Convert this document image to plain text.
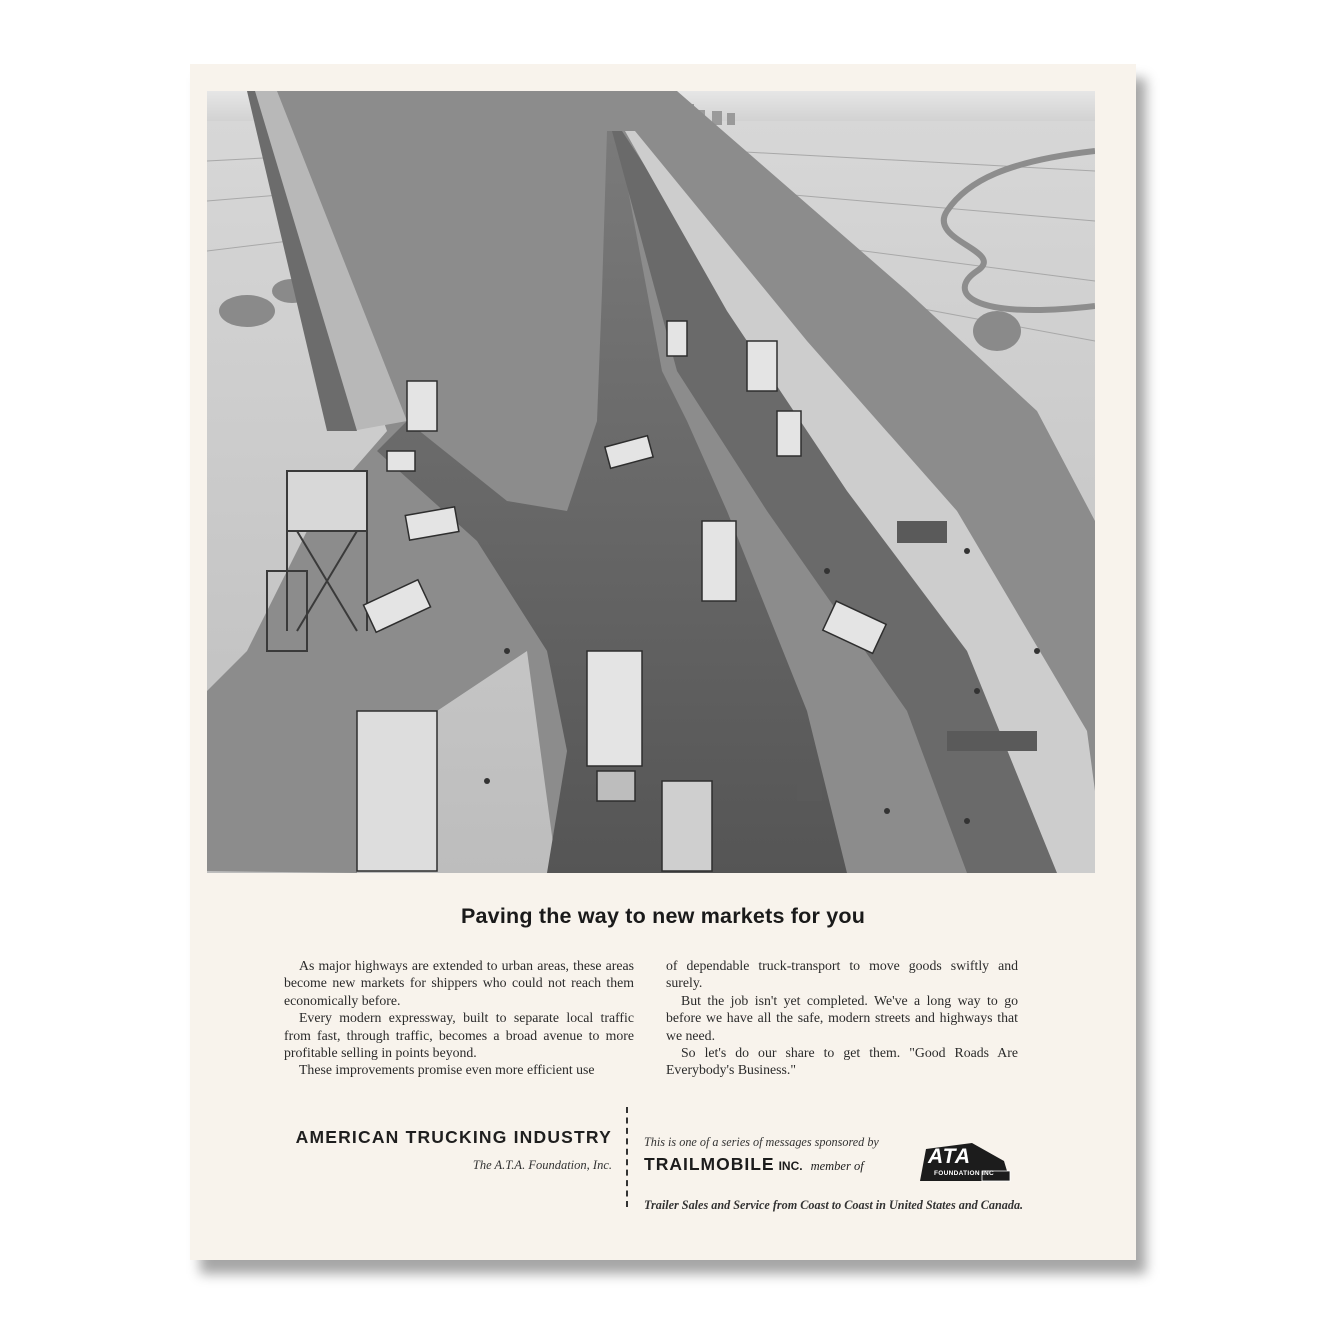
Paving the way to new markets for you

As major highways are extended to urban areas, these areas become new markets for shippers who could not reach them economically before.

Every modern expressway, built to separate local traffic from fast, through traffic, becomes a broad avenue to more profitable selling in points beyond.

These improvements promise even more efficient use

of dependable truck-transport to move goods swiftly and surely.

But the job isn't yet completed. We've a long way to go before we have all the safe, modern streets and highways that we need.

So let's do our share to get them. "Good Roads Are Everybody's Business."

AMERICAN TRUCKING INDUSTRY
The A.T.A. Foundation, Inc.
This is one of a series of messages sponsored by
TRAILMOBILE INC. member of	ATA
FOUNDATION INC
Trailer Sales and Service from Coast to Coast in United States and Canada.
